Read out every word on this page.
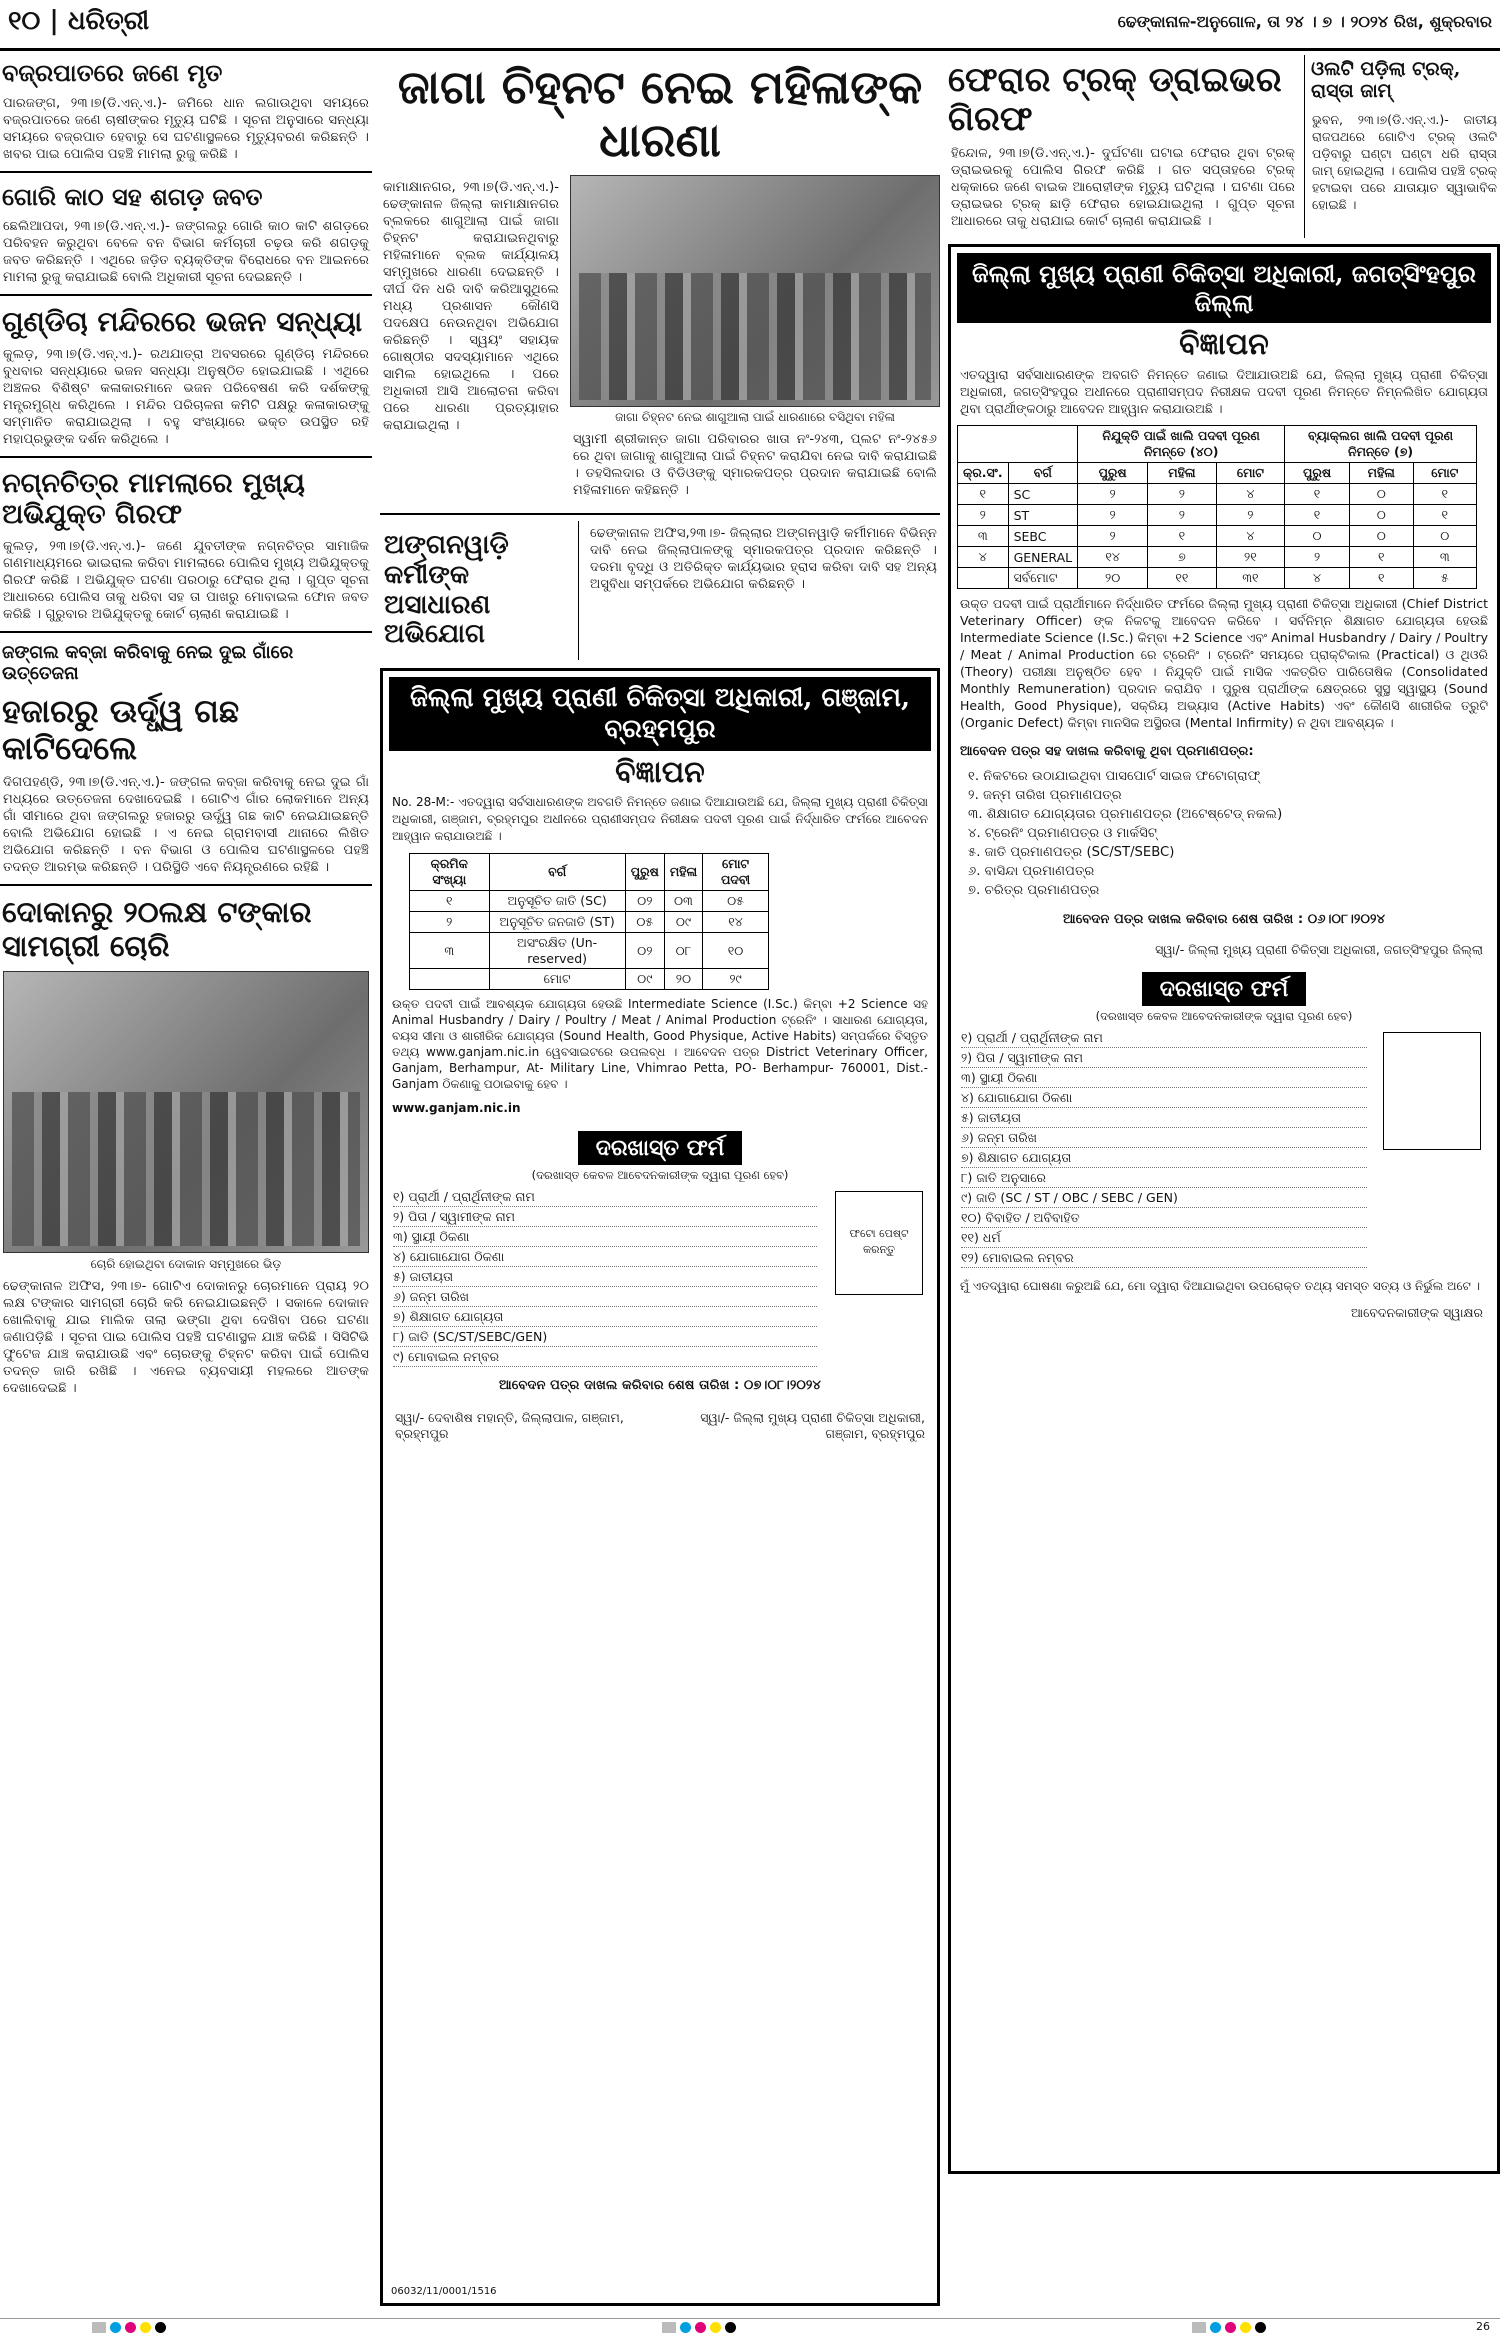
୧୦ | ଧରିତ୍ରୀ	ଢେଙ୍କାନାଳ-ଅନୁଗୋଳ, ତା ୨୪ । ୭ । ୨୦୨୪ ରିଖ, ଶୁକ୍ରବାର
ବଜ୍ରପାତରେ ଜଣେ ମୃତ
ପାରଜଙ୍ଗ, ୨୩।୭(ଡି.ଏନ୍.ଏ.)- ଜମିରେ ଧାନ ଲଗାଉଥିବା ସମୟରେ ବଜ୍ରପାତରେ ଜଣେ ଚାଷୀଙ୍କର ମୃତ୍ୟୁ ଘଟିଛି । ସୂଚନା ଅନୁସାରେ ସନ୍ଧ୍ୟା ସମୟରେ ବଜ୍ରପାତ ହେବାରୁ ସେ ଘଟଣାସ୍ଥଳରେ ମୃତ୍ୟୁବରଣ କରିଛନ୍ତି । ଖବର ପାଇ ପୋଲିସ ପହଞ୍ଚି ମାମଲା ରୁଜୁ କରିଛି ।
ଗୋରି କାଠ ସହ ଶଗଡ଼ ଜବତ
ଛେଲିଆପଦା, ୨୩।୭(ଡି.ଏନ୍.ଏ.)- ଜଙ୍ଗଲରୁ ଗୋରି କାଠ କାଟି ଶଗଡ଼ରେ ପରିବହନ କରୁଥିବା ବେଳେ ବନ ବିଭାଗ କର୍ମଚାରୀ ଚଢ଼ଉ କରି ଶଗଡ଼କୁ ଜବତ କରିଛନ୍ତି । ଏଥିରେ ଜଡ଼ିତ ବ୍ୟକ୍ତିଙ୍କ ବିରୋଧରେ ବନ ଆଇନରେ ମାମଲା ରୁଜୁ କରାଯାଇଛି ବୋଲି ଅଧିକାରୀ ସୂଚନା ଦେଇଛନ୍ତି ।
ଗୁଣ୍ଡିଚା ମନ୍ଦିରରେ ଭଜନ ସନ୍ଧ୍ୟା
କୁଲଡ଼, ୨୩।୭(ଡି.ଏନ୍.ଏ.)- ରଥଯାତ୍ରା ଅବସରରେ ଗୁଣ୍ଡିଚା ମନ୍ଦିରରେ ବୁଧବାର ସନ୍ଧ୍ୟାରେ ଭଜନ ସନ୍ଧ୍ୟା ଅନୁଷ୍ଠିତ ହୋଇଯାଇଛି । ଏଥିରେ ଅଞ୍ଚଳର ବିଶିଷ୍ଟ କଳାକାରମାନେ ଭଜନ ପରିବେଷଣ କରି ଦର୍ଶକଙ୍କୁ ମନ୍ତ୍ରମୁଗ୍ଧ କରିଥିଲେ । ମନ୍ଦିର ପରିଚାଳନା କମିଟି ପକ୍ଷରୁ କଳାକାରଙ୍କୁ ସମ୍ମାନିତ କରାଯାଇଥିଲା । ବହୁ ସଂଖ୍ୟାରେ ଭକ୍ତ ଉପସ୍ଥିତ ରହି ମହାପ୍ରଭୁଙ୍କ ଦର୍ଶନ କରିଥିଲେ ।
ନଗ୍ନଚିତ୍ର ମାମଲାରେ ମୁଖ୍ୟ ଅଭିଯୁକ୍ତ ଗିରଫ
କୁଲଡ଼, ୨୩।୭(ଡି.ଏନ୍.ଏ.)- ଜଣେ ଯୁବତୀଙ୍କ ନଗ୍ନଚିତ୍ର ସାମାଜିକ ଗଣମାଧ୍ୟମରେ ଭାଇରାଲ କରିବା ମାମଲାରେ ପୋଲିସ ମୁଖ୍ୟ ଅଭିଯୁକ୍ତକୁ ଗିରଫ କରିଛି । ଅଭିଯୁକ୍ତ ଘଟଣା ପରଠାରୁ ଫେରାର ଥିଲା । ଗୁପ୍ତ ସୂଚନା ଆଧାରରେ ପୋଲିସ ତାକୁ ଧରିବା ସହ ତା ପାଖରୁ ମୋବାଇଲ ଫୋନ ଜବତ କରିଛି । ଗୁରୁବାର ଅଭିଯୁକ୍ତକୁ କୋର୍ଟ ଚାଲାଣ କରାଯାଇଛି ।
ଜଙ୍ଗଲ କବ୍‌ଜା କରିବାକୁ ନେଇ ଦୁଇ ଗାଁରେ ଉତ୍ତେଜନା
ହଜାରରୁ ଊର୍ଦ୍ଧ୍ୱ ଗଛ କାଟିଦେଲେ
ଦିଗପହଣ୍ଡି, ୨୩।୭(ଡି.ଏନ୍.ଏ.)- ଜଙ୍ଗଲ କବ୍‌ଜା କରିବାକୁ ନେଇ ଦୁଇ ଗାଁ ମଧ୍ୟରେ ଉତ୍ତେଜନା ଦେଖାଦେଇଛି । ଗୋଟିଏ ଗାଁର ଲୋକମାନେ ଅନ୍ୟ ଗାଁ ସୀମାରେ ଥିବା ଜଙ୍ଗଲରୁ ହଜାରରୁ ଊର୍ଦ୍ଧ୍ୱ ଗଛ କାଟି ନେଇଯାଇଛନ୍ତି ବୋଲି ଅଭିଯୋଗ ହୋଇଛି । ଏ ନେଇ ଗ୍ରାମବାସୀ ଥାନାରେ ଲିଖିତ ଅଭିଯୋଗ କରିଛନ୍ତି । ବନ ବିଭାଗ ଓ ପୋଲିସ ଘଟଣାସ୍ଥଳରେ ପହଞ୍ଚି ତଦନ୍ତ ଆରମ୍ଭ କରିଛନ୍ତି । ପରିସ୍ଥିତି ଏବେ ନିୟନ୍ତ୍ରଣରେ ରହିଛି ।
ଦୋକାନରୁ ୨୦ଲକ୍ଷ ଟଙ୍କାର ସାମଗ୍ରୀ ଚୋରି
ଚୋରି ହୋଇଥିବା ଦୋକାନ ସମ୍ମୁଖରେ ଭିଡ଼
ଢେଙ୍କାନାଳ ଅଫିସ, ୨୩।୭- ଗୋଟିଏ ଦୋକାନରୁ ଚୋରମାନେ ପ୍ରାୟ ୨୦ ଲକ୍ଷ ଟଙ୍କାର ସାମଗ୍ରୀ ଚୋରି କରି ନେଇଯାଇଛନ୍ତି । ସକାଳେ ଦୋକାନ ଖୋଲିବାକୁ ଯାଇ ମାଲିକ ତାଲା ଭଙ୍ଗା ଥିବା ଦେଖିବା ପରେ ଘଟଣା ଜଣାପଡ଼ିଛି । ସୂଚନା ପାଇ ପୋଲିସ ପହଞ୍ଚି ଘଟଣାସ୍ଥଳ ଯାଞ୍ଚ କରିଛି । ସିସିଟିଭି ଫୁଟେଜ ଯାଞ୍ଚ କରାଯାଉଛି ଏବଂ ଚୋରଙ୍କୁ ଚିହ୍ନଟ କରିବା ପାଇଁ ପୋଲିସ ତଦନ୍ତ ଜାରି ରଖିଛି । ଏନେଇ ବ୍ୟବସାୟୀ ମହଲରେ ଆତଙ୍କ ଦେଖାଦେଇଛି ।
ଜାଗା ଚିହ୍ନଟ ନେଇ ମହିଳାଙ୍କ ଧାରଣା
କାମାକ୍ଷାନଗର, ୨୩।୭(ଡି.ଏନ୍.ଏ.)- ଢେଙ୍କାନାଳ ଜିଲ୍ଲା କାମାକ୍ଷାନଗର ବ୍ଲକରେ ଶାଗୁଆଲା ପାଇଁ ଜାଗା ଚିହ୍ନଟ କରାଯାଇନଥିବାରୁ ମହିଳାମାନେ ବ୍ଲକ କାର୍ଯ୍ୟାଳୟ ସମ୍ମୁଖରେ ଧାରଣା ଦେଇଛନ୍ତି । ଦୀର୍ଘ ଦିନ ଧରି ଦାବି କରିଆସୁଥିଲେ ମଧ୍ୟ ପ୍ରଶାସନ କୌଣସି ପଦକ୍ଷେପ ନେଉନଥିବା ଅଭିଯୋଗ କରିଛନ୍ତି । ସ୍ୱୟଂ ସହାୟକ ଗୋଷ୍ଠୀର ସଦସ୍ୟାମାନେ ଏଥିରେ ସାମିଲ ହୋଇଥିଲେ । ପରେ ଅଧିକାରୀ ଆସି ଆଲୋଚନା କରିବା ପରେ ଧାରଣା ପ୍ରତ୍ୟାହାର କରାଯାଇଥିଲା ।
ଜାଗା ଚିହ୍ନଟ ନେଇ ଶାଗୁଆଲା ପାଇଁ ଧାରଣାରେ ବସିଥିବା ମହିଳା
ସ୍ୱାମୀ ଶ୍ରୀକାନ୍ତ ଜାଗା ପରିବାରର ଖାତା ନଂ-୨୪୩, ପ୍ଲଟ ନଂ-୨୪୫୬ ରେ ଥିବା ଜାଗାକୁ ଶାଗୁଆଲା ପାଇଁ ଚିହ୍ନଟ କରାଯିବା ନେଇ ଦାବି କରାଯାଇଛି । ତହସିଲଦାର ଓ ବିଡିଓଙ୍କୁ ସ୍ମାରକପତ୍ର ପ୍ରଦାନ କରାଯାଇଛି ବୋଲି ମହିଳାମାନେ କହିଛନ୍ତି ।
ଅଙ୍ଗନୱାଡ଼ି କର୍ମୀଙ୍କ ଅସାଧାରଣ ଅଭିଯୋଗ
ଢେଙ୍କାନାଳ ଅଫିସ,୨୩।୭- ଜିଲ୍ଲାର ଅଙ୍ଗନୱାଡ଼ି କର୍ମୀମାନେ ବିଭିନ୍ନ ଦାବି ନେଇ ଜିଲ୍ଲାପାଳଙ୍କୁ ସ୍ମାରକପତ୍ର ପ୍ରଦାନ କରିଛନ୍ତି । ଦରମା ବୃଦ୍ଧି ଓ ଅତିରିକ୍ତ କାର୍ଯ୍ୟଭାର ହ୍ରାସ କରିବା ଦାବି ସହ ଅନ୍ୟ ଅସୁବିଧା ସମ୍ପର୍କରେ ଅଭିଯୋଗ କରିଛନ୍ତି ।
ଜିଲ୍ଲା ମୁଖ୍ୟ ପ୍ରାଣୀ ଚିକିତ୍ସା ଅଧିକାରୀ, ଗଞ୍ଜାମ, ବ୍ରହ୍ମପୁର
ବିଜ୍ଞାପନ
No. 28-M:- ଏତଦ୍ୱାରା ସର୍ବସାଧାରଣଙ୍କ ଅବଗତି ନିମନ୍ତେ ଜଣାଇ ଦିଆଯାଉଅଛି ଯେ, ଜିଲ୍ଲା ମୁଖ୍ୟ ପ୍ରାଣୀ ଚିକିତ୍ସା ଅଧିକାରୀ, ଗଞ୍ଜାମ, ବ୍ରହ୍ମପୁର ଅଧୀନରେ ପ୍ରାଣୀସମ୍ପଦ ନିରୀକ୍ଷକ ପଦବୀ ପୂରଣ ପାଇଁ ନିର୍ଦ୍ଧାରିତ ଫର୍ମରେ ଆବେଦନ ଆହ୍ୱାନ କରାଯାଉଅଛି ।
କ୍ରମିକ ସଂଖ୍ୟା	ବର୍ଗ	ପୁରୁଷ	ମହିଳା	ମୋଟ ପଦବୀ
୧	ଅନୁସୂଚିତ ଜାତି (SC)	୦୨	୦୩	୦୫
୨	ଅନୁସୂଚିତ ଜନଜାତି (ST)	୦୫	୦୯	୧୪
୩	ଅସଂରକ୍ଷିତ (Un-reserved)	୦୨	୦୮	୧୦
	ମୋଟ	୦୯	୨୦	୨୯
ଉକ୍ତ ପଦବୀ ପାଇଁ ଆବଶ୍ୟକ ଯୋଗ୍ୟତା ହେଉଛି Intermediate Science (I.Sc.) କିମ୍ବା +2 Science ସହ Animal Husbandry / Dairy / Poultry / Meat / Animal Production ଟ୍ରେନିଂ । ସାଧାରଣ ଯୋଗ୍ୟତା, ବୟସ ସୀମା ଓ ଶାରୀରିକ ଯୋଗ୍ୟତା (Sound Health, Good Physique, Active Habits) ସମ୍ପର୍କରେ ବିସ୍ତୃତ ତଥ୍ୟ www.ganjam.nic.in ୱେବସାଇଟରେ ଉପଲବ୍ଧ । ଆବେଦନ ପତ୍ର District Veterinary Officer, Ganjam, Berhampur, At- Military Line, Vhimrao Petta, PO- Berhampur- 760001, Dist.- Ganjam ଠିକଣାକୁ ପଠାଇବାକୁ ହେବ ।
www.ganjam.nic.in
ଦରଖାସ୍ତ ଫର୍ମ
(ଦରଖାସ୍ତ କେବଳ ଆବେଦନକାରୀଙ୍କ ଦ୍ୱାରା ପୂରଣ ହେବ)
ଫଟୋ ପେଷ୍ଟ କରନ୍ତୁ
୧) ପ୍ରାର୍ଥୀ / ପ୍ରାର୍ଥିନୀଙ୍କ ନାମ
୨) ପିତା / ସ୍ୱାମୀଙ୍କ ନାମ
୩) ସ୍ଥାୟୀ ଠିକଣା
୪) ଯୋଗାଯୋଗ ଠିକଣା
୫) ଜାତୀୟତା
୬) ଜନ୍ମ ତାରିଖ
୭) ଶିକ୍ଷାଗତ ଯୋଗ୍ୟତା
୮) ଜାତି (SC/ST/SEBC/GEN)
୯) ମୋବାଇଲ ନମ୍ବର
ଆବେଦନ ପତ୍ର ଦାଖଲ କରିବାର ଶେଷ ତାରିଖ : ୦୭।୦୮।୨୦୨୪
ସ୍ୱା/- ଦେବାଶିଷ ମହାନ୍ତି, ଜିଲ୍ଲାପାଳ, ଗଞ୍ଜାମ, ବ୍ରହ୍ମପୁର
ସ୍ୱା/- ଜିଲ୍ଲା ମୁଖ୍ୟ ପ୍ରାଣୀ ଚିକିତ୍ସା ଅଧିକାରୀ, ଗଞ୍ଜାମ, ବ୍ରହ୍ମପୁର
06032/11/0001/1516
ଫେରାର ଟ୍ରକ୍ ଡ୍ରାଇଭର ଗିରଫ
ହିନ୍ଦୋଳ, ୨୩।୭(ଡି.ଏନ୍.ଏ.)- ଦୁର୍ଘଟଣା ଘଟାଇ ଫେରାର ଥିବା ଟ୍ରକ୍ ଡ୍ରାଇଭରକୁ ପୋଲିସ ଗିରଫ କରିଛି । ଗତ ସପ୍ତାହରେ ଟ୍ରକ୍ ଧକ୍କାରେ ଜଣେ ବାଇକ ଆରୋହୀଙ୍କ ମୃତ୍ୟୁ ଘଟିଥିଲା । ଘଟଣା ପରେ ଡ୍ରାଇଭର ଟ୍ରକ୍ ଛାଡ଼ି ଫେରାର ହୋଇଯାଇଥିଲା । ଗୁପ୍ତ ସୂଚନା ଆଧାରରେ ତାକୁ ଧରାଯାଇ କୋର୍ଟ ଚାଲାଣ କରାଯାଇଛି ।
ଓଲଟି ପଡ଼ିଲା ଟ୍ରକ୍, ରାସ୍ତା ଜାମ୍
ଭୁବନ, ୨୩।୭(ଡି.ଏନ୍.ଏ.)- ଜାତୀୟ ରାଜପଥରେ ଗୋଟିଏ ଟ୍ରକ୍ ଓଲଟି ପଡ଼ିବାରୁ ଘଣ୍ଟା ଘଣ୍ଟା ଧରି ରାସ୍ତା ଜାମ୍ ହୋଇଥିଲା । ପୋଲିସ ପହଞ୍ଚି ଟ୍ରକ୍ ହଟାଇବା ପରେ ଯାତାୟାତ ସ୍ୱାଭାବିକ ହୋଇଛି ।
ଜିଲ୍ଲା ମୁଖ୍ୟ ପ୍ରାଣୀ ଚିକିତ୍ସା ଅଧିକାରୀ, ଜଗତ୍‌ସିଂହପୁର ଜିଲ୍ଲା
ବିଜ୍ଞାପନ
ଏତଦ୍ୱାରା ସର୍ବସାଧାରଣଙ୍କ ଅବଗତି ନିମନ୍ତେ ଜଣାଇ ଦିଆଯାଉଅଛି ଯେ, ଜିଲ୍ଲା ମୁଖ୍ୟ ପ୍ରାଣୀ ଚିକିତ୍ସା ଅଧିକାରୀ, ଜଗତ୍‌ସିଂହପୁର ଅଧୀନରେ ପ୍ରାଣୀସମ୍ପଦ ନିରୀକ୍ଷକ ପଦବୀ ପୂରଣ ନିମନ୍ତେ ନିମ୍ନଲିଖିତ ଯୋଗ୍ୟତା ଥିବା ପ୍ରାର୍ଥୀଙ୍କଠାରୁ ଆବେଦନ ଆହ୍ୱାନ କରାଯାଉଅଛି ।
		ନିଯୁକ୍ତି ପାଇଁ ଖାଲି ପଦବୀ ପୂରଣ ନିମନ୍ତେ (୪୦)			ବ୍ୟାକ୍‌ଲଗ ଖାଲି ପଦବୀ ପୂରଣ ନିମନ୍ତେ (୭)		
କ୍ର.ସଂ.	ବର୍ଗ	ପୁରୁଷ	ମହିଳା	ମୋଟ	ପୁରୁଷ	ମହିଳା	ମୋଟ
୧	SC	୨	୨	୪	୧	୦	୧
୨	ST	୨	୨	୨	୧	୦	୧
୩	SEBC	୨	୧	୪	୦	୦	୦
୪	GENERAL	୧୪	୭	୨୧	୨	୧	୩
	ସର୍ବମୋଟ	୨୦	୧୧	୩୧	୪	୧	୫
ଉକ୍ତ ପଦବୀ ପାଇଁ ପ୍ରାର୍ଥୀମାନେ ନିର୍ଦ୍ଧାରିତ ଫର୍ମରେ ଜିଲ୍ଲା ମୁଖ୍ୟ ପ୍ରାଣୀ ଚିକିତ୍ସା ଅଧିକାରୀ (Chief District Veterinary Officer) ଙ୍କ ନିକଟକୁ ଆବେଦନ କରିବେ । ସର୍ବନିମ୍ନ ଶିକ୍ଷାଗତ ଯୋଗ୍ୟତା ହେଉଛି Intermediate Science (I.Sc.) କିମ୍ବା +2 Science ଏବଂ Animal Husbandry / Dairy / Poultry / Meat / Animal Production ରେ ଟ୍ରେନିଂ । ଟ୍ରେନିଂ ସମୟରେ ପ୍ରାକ୍ଟିକାଲ (Practical) ଓ ଥିଓରି (Theory) ପରୀକ୍ଷା ଅନୁଷ୍ଠିତ ହେବ । ନିଯୁକ୍ତି ପାଇଁ ମାସିକ ଏକତ୍ରିତ ପାରିତୋଷିକ (Consolidated Monthly Remuneration) ପ୍ରଦାନ କରାଯିବ । ପୁରୁଷ ପ୍ରାର୍ଥୀଙ୍କ କ୍ଷେତ୍ରରେ ସୁସ୍ଥ ସ୍ୱାସ୍ଥ୍ୟ (Sound Health, Good Physique), ସକ୍ରିୟ ଅଭ୍ୟାସ (Active Habits) ଏବଂ କୌଣସି ଶାରୀରିକ ତ୍ରୁଟି (Organic Defect) କିମ୍ବା ମାନସିକ ଅସ୍ଥିରତା (Mental Infirmity) ନ ଥିବା ଆବଶ୍ୟକ ।
ଆବେଦନ ପତ୍ର ସହ ଦାଖଲ କରିବାକୁ ଥିବା ପ୍ରମାଣପତ୍ର:
୧. ନିକଟରେ ଉଠାଯାଇଥିବା ପାସପୋର୍ଟ ସାଇଜ ଫଟୋଗ୍ରାଫ୍
୨. ଜନ୍ମ ତାରିଖ ପ୍ରମାଣପତ୍ର
୩. ଶିକ୍ଷାଗତ ଯୋଗ୍ୟତାର ପ୍ରମାଣପତ୍ର (ଅଟେଷ୍ଟେଡ୍ ନକଲ)
୪. ଟ୍ରେନିଂ ପ୍ରମାଣପତ୍ର ଓ ମାର୍କସିଟ୍
୫. ଜାତି ପ୍ରମାଣପତ୍ର (SC/ST/SEBC)
୬. ବାସିନ୍ଦା ପ୍ରମାଣପତ୍ର
୭. ଚରିତ୍ର ପ୍ରମାଣପତ୍ର
ଆବେଦନ ପତ୍ର ଦାଖଲ କରିବାର ଶେଷ ତାରିଖ : ୦୬।୦୮।୨୦୨୪
ସ୍ୱା/- ଜିଲ୍ଲା ମୁଖ୍ୟ ପ୍ରାଣୀ ଚିକିତ୍ସା ଅଧିକାରୀ, ଜଗତ୍‌ସିଂହପୁର ଜିଲ୍ଲା
ଦରଖାସ୍ତ ଫର୍ମ
(ଦରଖାସ୍ତ କେବଳ ଆବେଦନକାରୀଙ୍କ ଦ୍ୱାରା ପୂରଣ ହେବ)
୧) ପ୍ରାର୍ଥୀ / ପ୍ରାର୍ଥିନୀଙ୍କ ନାମ
୨) ପିତା / ସ୍ୱାମୀଙ୍କ ନାମ
୩) ସ୍ଥାୟୀ ଠିକଣା
୪) ଯୋଗାଯୋଗ ଠିକଣା
୫) ଜାତୀୟତା
୬) ଜନ୍ମ ତାରିଖ
୭) ଶିକ୍ଷାଗତ ଯୋଗ୍ୟତା
୮) ଜାତି ଅନୁସାରେ
୯) ଜାତି (SC / ST / OBC / SEBC / GEN)
୧୦) ବିବାହିତ / ଅବିବାହିତ
୧୧) ଧର୍ମ
୧୨) ମୋବାଇଲ ନମ୍ବର
ମୁଁ ଏତଦ୍ୱାରା ଘୋଷଣା କରୁଅଛି ଯେ, ମୋ ଦ୍ୱାରା ଦିଆଯାଇଥିବା ଉପରୋକ୍ତ ତଥ୍ୟ ସମସ୍ତ ସତ୍ୟ ଓ ନିର୍ଭୁଲ ଅଟେ ।
ଆବେଦନକାରୀଙ୍କ ସ୍ୱାକ୍ଷର
26
